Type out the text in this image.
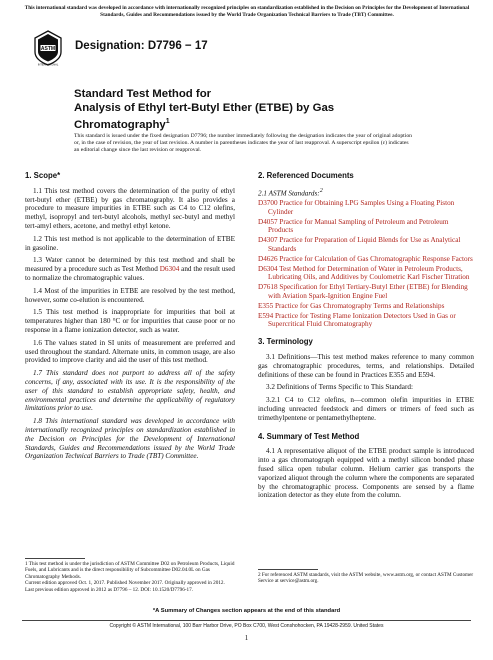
This international standard was developed in accordance with internationally recognized principles on standardization established in the Decision on Principles for the Development of International Standards, Guides and Recommendations issued by the World Trade Organization Technical Barriers to Trade (TBT) Committee.
ASTM
INTERNATIONAL
Designation: D7796 − 17
Standard Test Method for
Analysis of Ethyl tert-Butyl Ether (ETBE) by Gas
Chromatography$^1$
This standard is issued under the fixed designation D7796; the number immediately following the designation indicates the year of original adoption or, in the case of revision, the year of last revision. A number in parentheses indicates the year of last reapproval. A superscript epsilon (ε) indicates an editorial change since the last revision or reapproval.
1. Scope*

1.1 This test method covers the determination of the purity of ethyl tert-butyl ether (ETBE) by gas chromatography. It also provides a procedure to measure impurities in ETBE such as C4 to C12 olefins, methyl, isopropyl and tert-butyl alcohols, methyl sec-butyl and methyl tert-amyl ethers, acetone, and methyl ethyl ketone.

1.2 This test method is not applicable to the determination of ETBE in gasoline.

1.3 Water cannot be determined by this test method and shall be measured by a procedure such as Test Method D6304 and the result used to normalize the chromatographic values.

1.4 Most of the impurities in ETBE are resolved by the test method, however, some co-elution is encountered.

1.5 This test method is inappropriate for impurities that boil at temperatures higher than 180 °C or for impurities that cause poor or no response in a flame ionization detector, such as water.

1.6 The values stated in SI units of measurement are preferred and used throughout the standard. Alternate units, in common usage, are also provided to improve clarity and aid the user of this test method.

1.7 This standard does not purport to address all of the safety concerns, if any, associated with its use. It is the responsibility of the user of this standard to establish appropriate safety, health, and environmental practices and determine the applicability of regulatory limitations prior to use.

1.8 This international standard was developed in accordance with internationally recognized principles on standardization established in the Decision on Principles for the Development of International Standards, Guides and Recommendations issued by the World Trade Organization Technical Barriers to Trade (TBT) Committee.

1 This test method is under the jurisdiction of ASTM Committee D02 on Petroleum Products, Liquid Fuels, and Lubricants and is the direct responsibility of Subcommittee D02.04.0L on Gas Chromatography Methods.
Current edition approved Oct. 1, 2017. Published November 2017. Originally approved in 2012. Last previous edition approved in 2012 as D7796 – 12. DOI: 10.1520/D7796-17.
2. Referenced Documents
2.1 ASTM Standards:$^2$
D3700 Practice for Obtaining LPG Samples Using a Floating Piston Cylinder
D4057 Practice for Manual Sampling of Petroleum and Petroleum Products
D4307 Practice for Preparation of Liquid Blends for Use as Analytical Standards
D4626 Practice for Calculation of Gas Chromatographic Response Factors
D6304 Test Method for Determination of Water in Petroleum Products, Lubricating Oils, and Additives by Coulometric Karl Fischer Titration
D7618 Specification for Ethyl Tertiary-Butyl Ether (ETBE) for Blending with Aviation Spark-Ignition Engine Fuel
E355 Practice for Gas Chromatography Terms and Relationships
E594 Practice for Testing Flame Ionization Detectors Used in Gas or Supercritical Fluid Chromatography
3. Terminology

3.1 Definitions—This test method makes reference to many common gas chromatographic procedures, terms, and relationships. Detailed definitions of these can be found in Practices E355 and E594.

3.2 Definitions of Terms Specific to This Standard:

3.2.1 C4 to C12 olefins, n—common olefin impurities in ETBE including unreacted feedstock and dimers or trimers of feed such as trimethylpentene or pentamethylheptene.

4. Summary of Test Method

4.1 A representative aliquot of the ETBE product sample is introduced into a gas chromatograph equipped with a methyl silicon bonded phase fused silica open tubular column. Helium carrier gas transports the vaporized aliquot through the column where the components are separated by the chromatographic process. Components are sensed by a flame ionization detector as they elute from the column.

2 For referenced ASTM standards, visit the ASTM website, www.astm.org, or contact ASTM Customer Service at service@astm.org.
*A Summary of Changes section appears at the end of this standard
Copyright © ASTM International, 100 Barr Harbor Drive, PO Box C700, West Conshohocken, PA 19428-2959. United States
1
